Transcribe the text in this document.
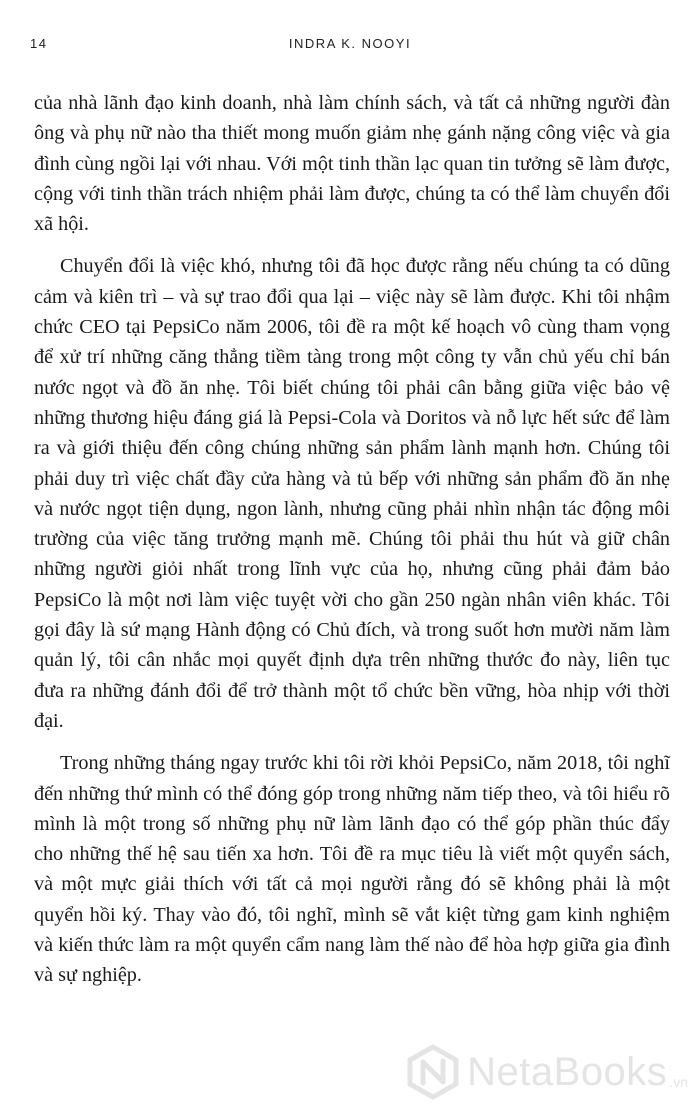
14	INDRA K. NOOYI

của nhà lãnh đạo kinh doanh, nhà làm chính sách, và tất cả những người đàn ông và phụ nữ nào tha thiết mong muốn giảm nhẹ gánh nặng công việc và gia đình cùng ngồi lại với nhau. Với một tinh thần lạc quan tin tưởng sẽ làm được, cộng với tinh thần trách nhiệm phải làm được, chúng ta có thể làm chuyển đổi xã hội.

Chuyển đổi là việc khó, nhưng tôi đã học được rằng nếu chúng ta có dũng cảm và kiên trì – và sự trao đổi qua lại – việc này sẽ làm được. Khi tôi nhậm chức CEO tại PepsiCo năm 2006, tôi đề ra một kế hoạch vô cùng tham vọng để xử trí những căng thẳng tiềm tàng trong một công ty vẫn chủ yếu chỉ bán nước ngọt và đồ ăn nhẹ. Tôi biết chúng tôi phải cân bằng giữa việc bảo vệ những thương hiệu đáng giá là Pepsi-Cola và Doritos và nỗ lực hết sức để làm ra và giới thiệu đến công chúng những sản phẩm lành mạnh hơn. Chúng tôi phải duy trì việc chất đầy cửa hàng và tủ bếp với những sản phẩm đồ ăn nhẹ và nước ngọt tiện dụng, ngon lành, nhưng cũng phải nhìn nhận tác động môi trường của việc tăng trưởng mạnh mẽ. Chúng tôi phải thu hút và giữ chân những người giỏi nhất trong lĩnh vực của họ, nhưng cũng phải đảm bảo PepsiCo là một nơi làm việc tuyệt vời cho gần 250 ngàn nhân viên khác. Tôi gọi đây là sứ mạng Hành động có Chủ đích, và trong suốt hơn mười năm làm quản lý, tôi cân nhắc mọi quyết định dựa trên những thước đo này, liên tục đưa ra những đánh đổi để trở thành một tổ chức bền vững, hòa nhịp với thời đại.

Trong những tháng ngay trước khi tôi rời khỏi PepsiCo, năm 2018, tôi nghĩ đến những thứ mình có thể đóng góp trong những năm tiếp theo, và tôi hiểu rõ mình là một trong số những phụ nữ làm lãnh đạo có thể góp phần thúc đẩy cho những thế hệ sau tiến xa hơn. Tôi đề ra mục tiêu là viết một quyển sách, và một mực giải thích với tất cả mọi người rằng đó sẽ không phải là một quyển hồi ký. Thay vào đó, tôi nghĩ, mình sẽ vắt kiệt từng gam kinh nghiệm và kiến thức làm ra một quyển cẩm nang làm thế nào để hòa hợp giữa gia đình và sự nghiệp.

NetaBooks .vn
